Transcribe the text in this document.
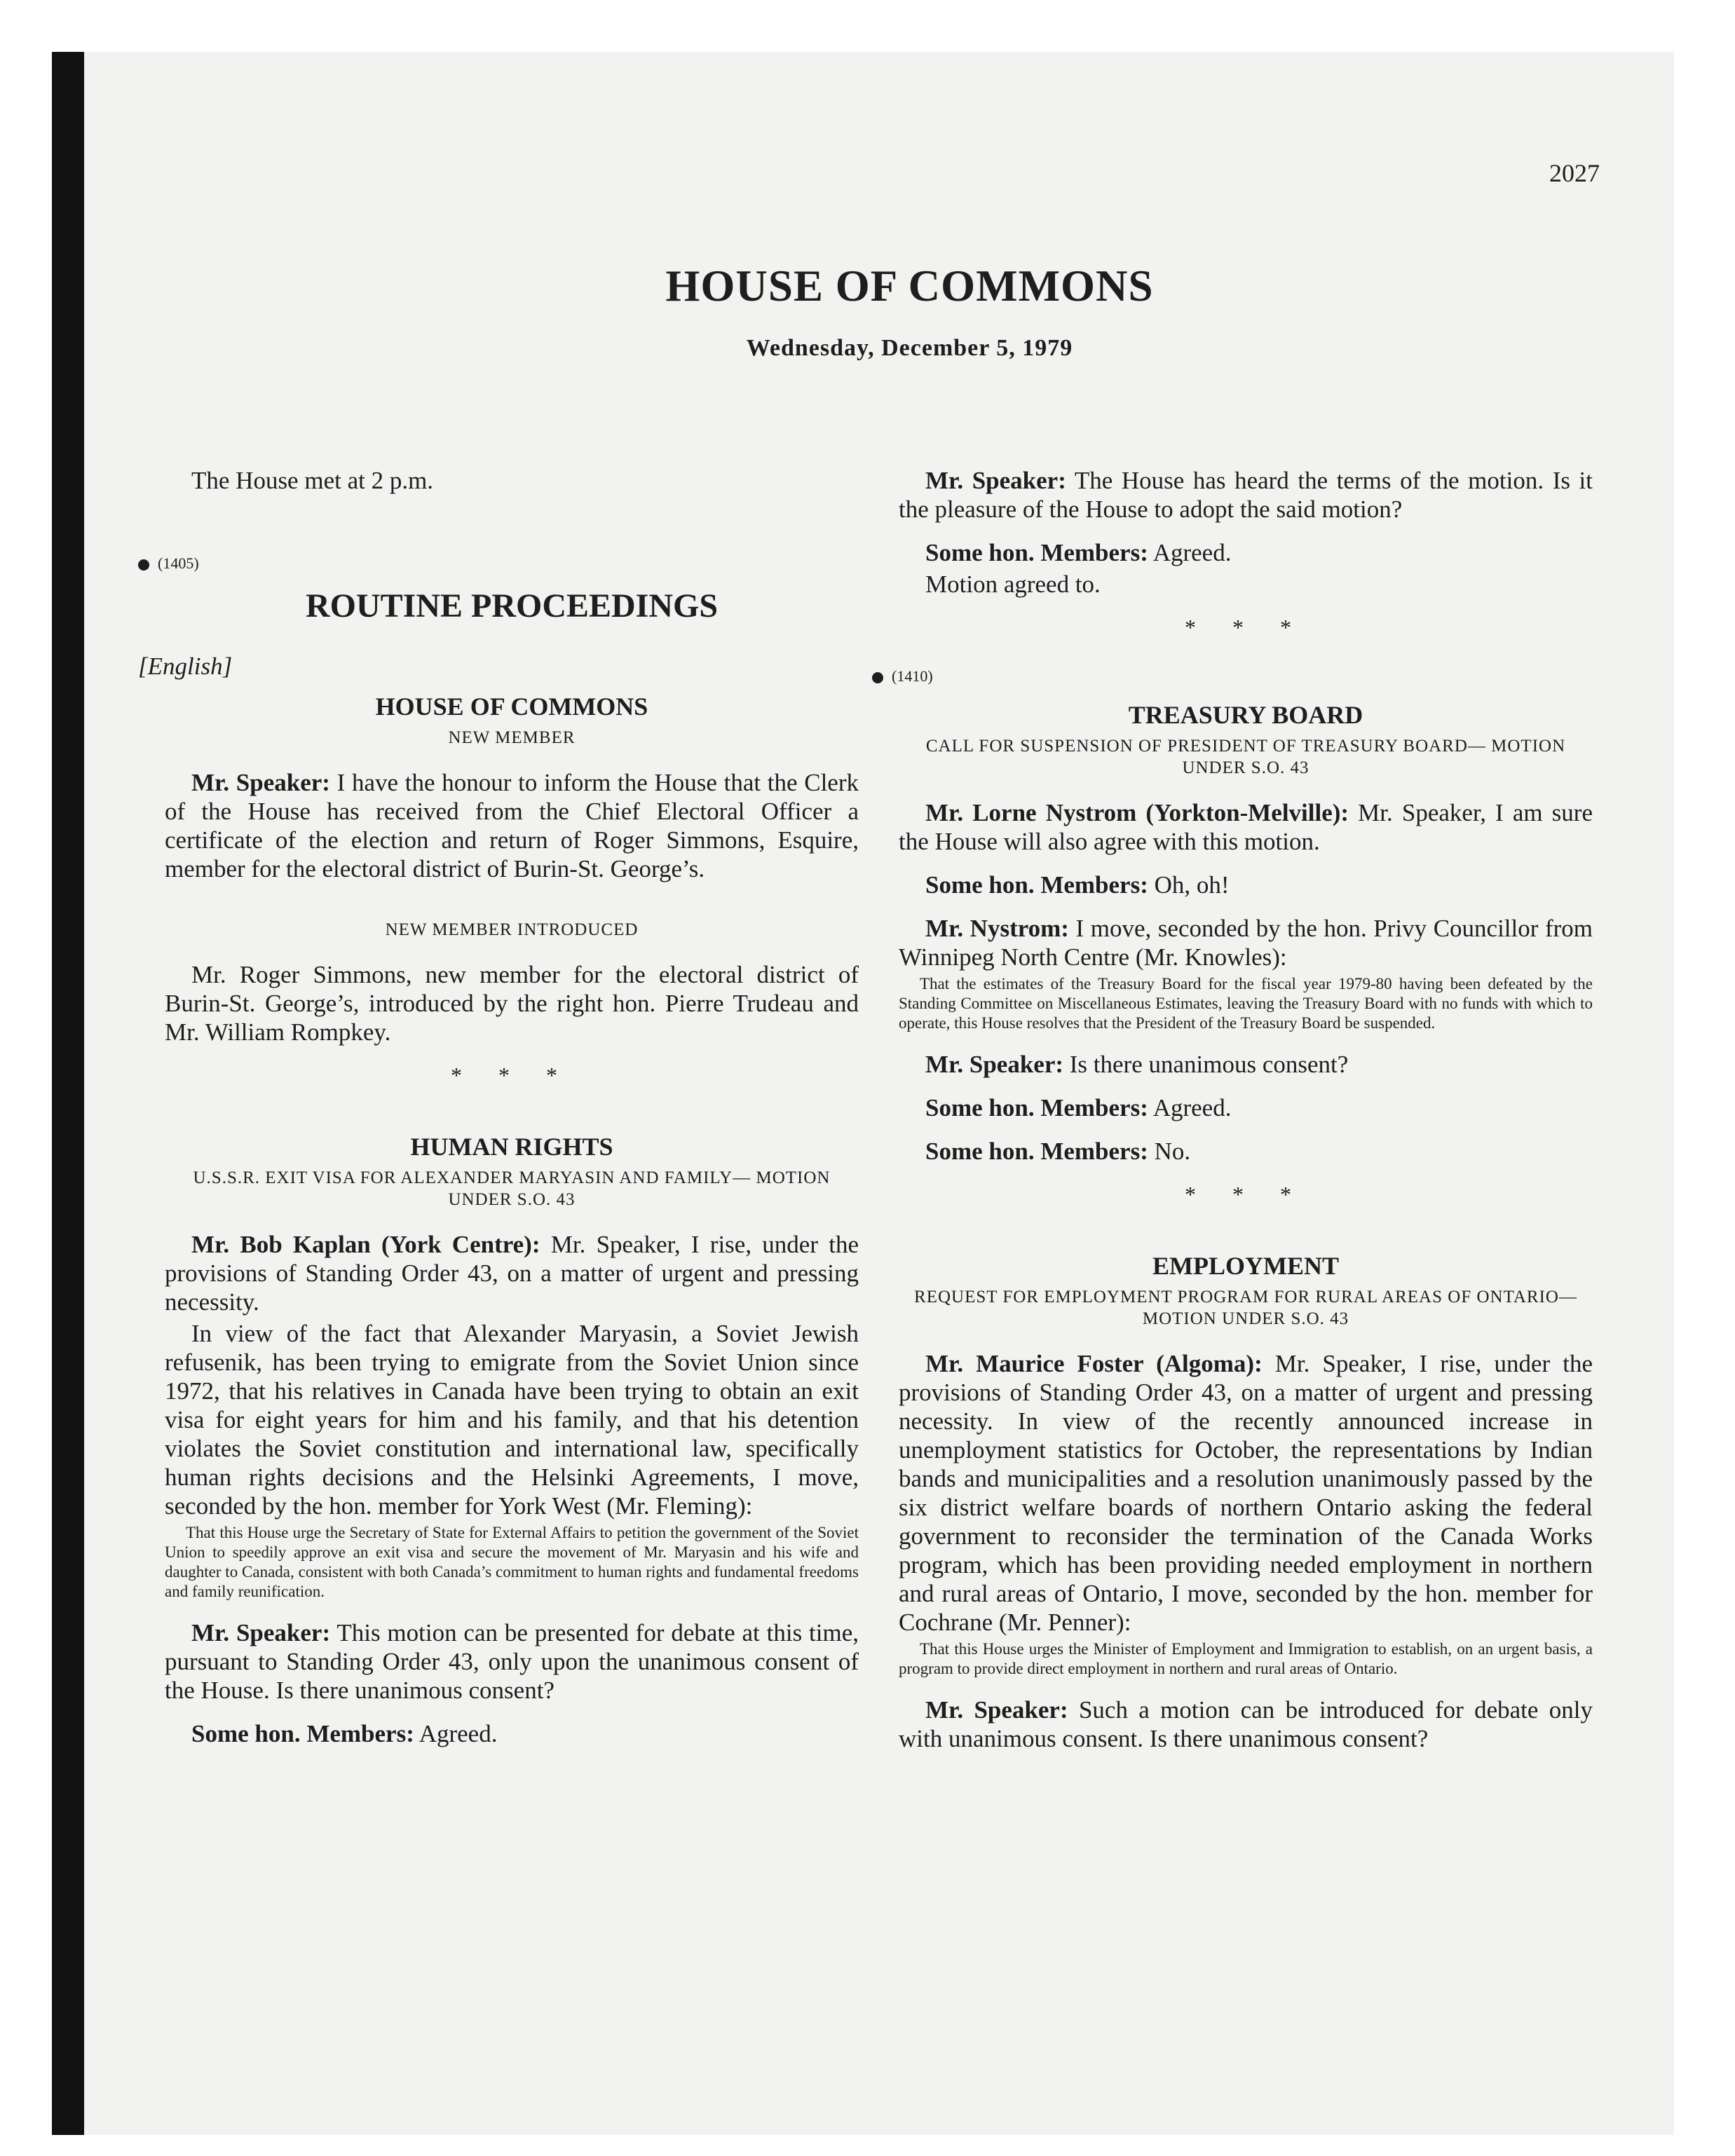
2027
HOUSE OF COMMONS
Wednesday, December 5, 1979

The House met at 2 p.m.

(1405)
ROUTINE PROCEEDINGS

[English]

HOUSE OF COMMONS
NEW MEMBER

Mr. Speaker: I have the honour to inform the House that the Clerk of the House has received from the Chief Electoral Officer a certificate of the election and return of Roger Simmons, Esquire, member for the electoral district of Burin-St. George’s.

NEW MEMBER INTRODUCED

Mr. Roger Simmons, new member for the electoral district of Burin-St. George’s, introduced by the right hon. Pierre Trudeau and Mr. William Rompkey.

* * *
HUMAN RIGHTS
U.S.S.R. EXIT VISA FOR ALEXANDER MARYASIN AND FAMILY— MOTION UNDER S.O. 43

Mr. Bob Kaplan (York Centre): Mr. Speaker, I rise, under the provisions of Standing Order 43, on a matter of urgent and pressing necessity.

In view of the fact that Alexander Maryasin, a Soviet Jewish refusenik, has been trying to emigrate from the Soviet Union since 1972, that his relatives in Canada have been trying to obtain an exit visa for eight years for him and his family, and that his detention violates the Soviet constitution and international law, specifically human rights decisions and the Helsinki Agreements, I move, seconded by the hon. member for York West (Mr. Fleming):

That this House urge the Secretary of State for External Affairs to petition the government of the Soviet Union to speedily approve an exit visa and secure the movement of Mr. Maryasin and his wife and daughter to Canada, consistent with both Canada’s commitment to human rights and fundamental freedoms and family reunification.

Mr. Speaker: This motion can be presented for debate at this time, pursuant to Standing Order 43, only upon the unanimous consent of the House. Is there unanimous consent?

Some hon. Members: Agreed.

Mr. Speaker: The House has heard the terms of the motion. Is it the pleasure of the House to adopt the said motion?

Some hon. Members: Agreed.

Motion agreed to.

* * *
(1410)
TREASURY BOARD
CALL FOR SUSPENSION OF PRESIDENT OF TREASURY BOARD— MOTION UNDER S.O. 43

Mr. Lorne Nystrom (Yorkton-Melville): Mr. Speaker, I am sure the House will also agree with this motion.

Some hon. Members: Oh, oh!

Mr. Nystrom: I move, seconded by the hon. Privy Councillor from Winnipeg North Centre (Mr. Knowles):

That the estimates of the Treasury Board for the fiscal year 1979-80 having been defeated by the Standing Committee on Miscellaneous Estimates, leaving the Treasury Board with no funds with which to operate, this House resolves that the President of the Treasury Board be suspended.

Mr. Speaker: Is there unanimous consent?

Some hon. Members: Agreed.

Some hon. Members: No.

* * *
EMPLOYMENT
REQUEST FOR EMPLOYMENT PROGRAM FOR RURAL AREAS OF ONTARIO—MOTION UNDER S.O. 43

Mr. Maurice Foster (Algoma): Mr. Speaker, I rise, under the provisions of Standing Order 43, on a matter of urgent and pressing necessity. In view of the recently announced increase in unemployment statistics for October, the representations by Indian bands and municipalities and a resolution unanimously passed by the six district welfare boards of northern Ontario asking the federal government to reconsider the termination of the Canada Works program, which has been providing needed employment in northern and rural areas of Ontario, I move, seconded by the hon. member for Cochrane (Mr. Penner):

That this House urges the Minister of Employment and Immigration to establish, on an urgent basis, a program to provide direct employment in northern and rural areas of Ontario.

Mr. Speaker: Such a motion can be introduced for debate only with unanimous consent. Is there unanimous consent?
